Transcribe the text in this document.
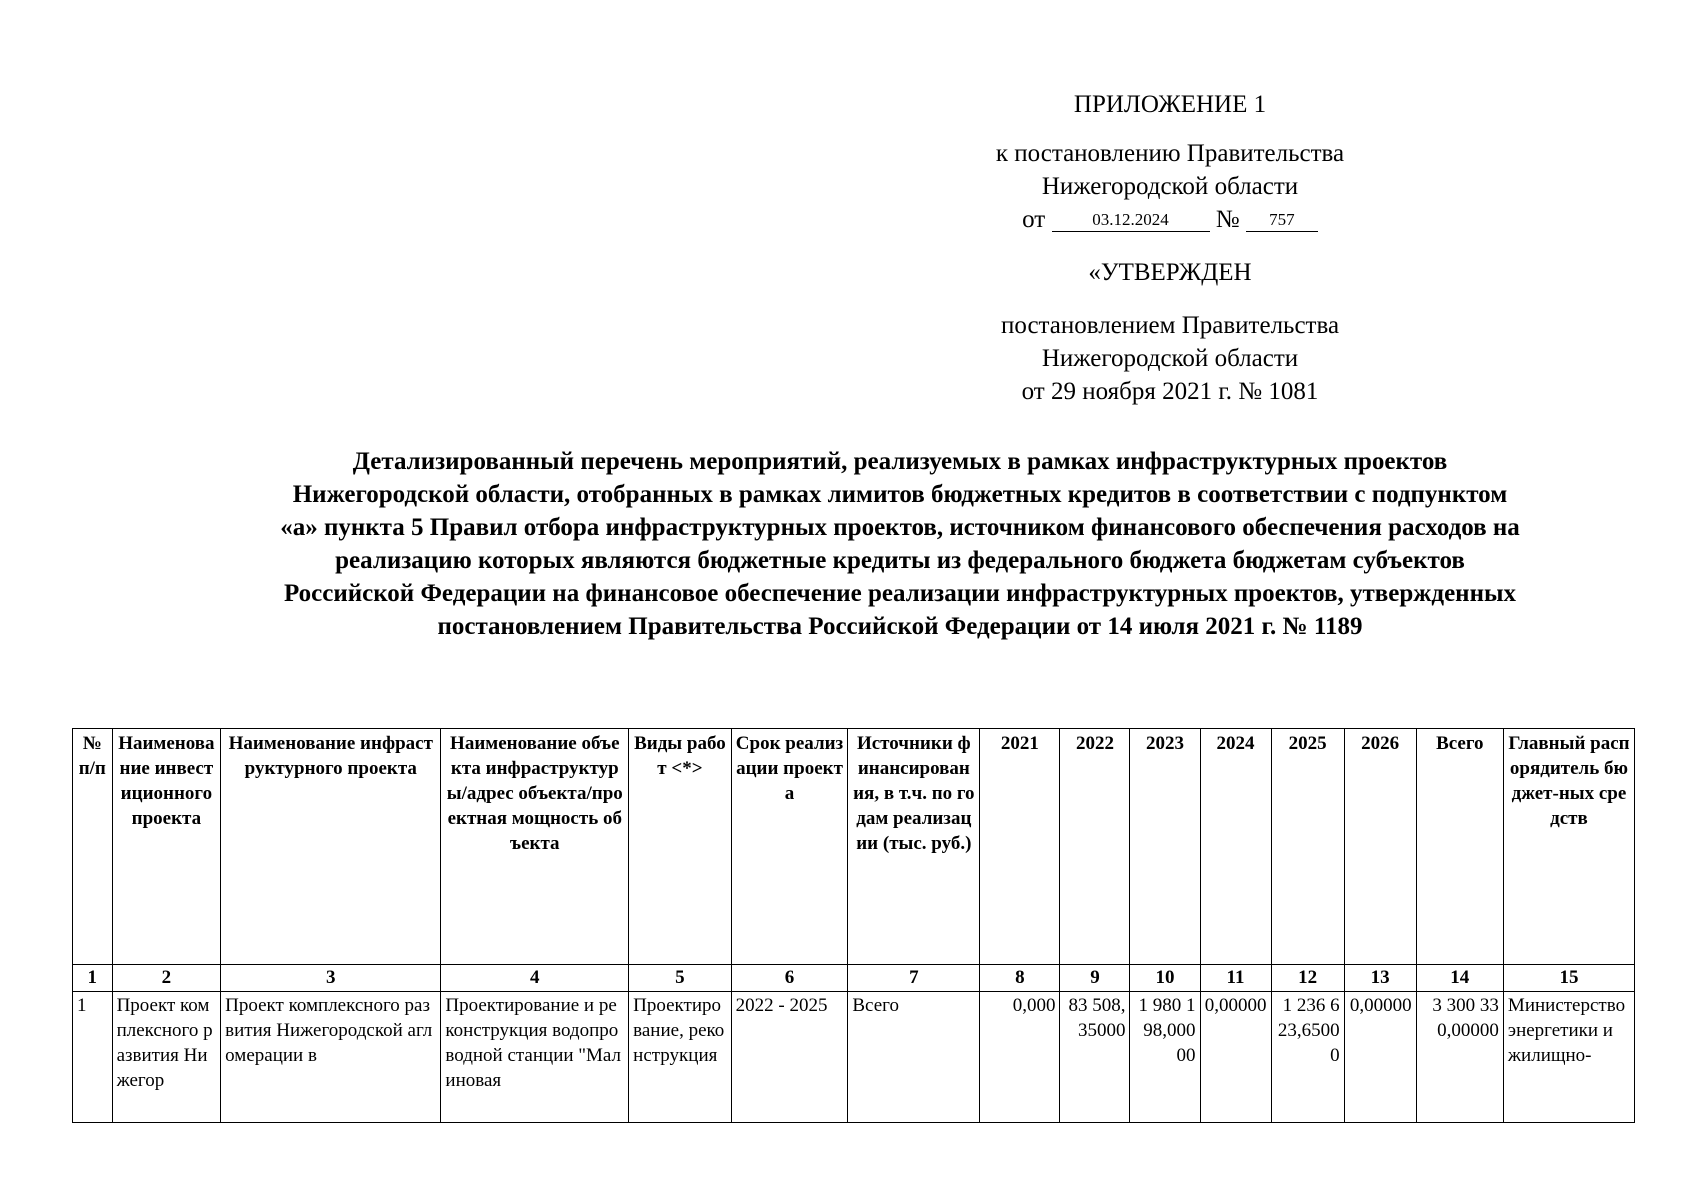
ПРИЛОЖЕНИЕ 1
к постановлению Правительства
Нижегородской области
от	03.12.2024 № 757
«УТВЕРЖДЕН
постановлением Правительства
Нижегородской области
от 29 ноября 2021 г. № 1081
Детализированный перечень мероприятий, реализуемых в рамках инфраструктурных проектов
Нижегородской области, отобранных в рамках лимитов бюджетных кредитов в соответствии с подпунктом
«а» пункта 5 Правил отбора инфраструктурных проектов, источником финансового обеспечения расходов на
реализацию которых являются бюджетные кредиты из федерального бюджета бюджетам субъектов
Российской Федерации на финансовое обеспечение реализации инфраструктурных проектов, утвержденных
постановлением Правительства Российской Федерации от 14 июля 2021 г. № 1189
№ п/п	Наименование инвестиционного проекта	Наименование инфраструктурного проекта	Наименование объекта инфраструктуры/адрес объекта/проектная мощность объекта	Виды работ <*>	Срок реализации проекта	Источники финансирования, в т.ч. по годам реализации (тыс. руб.)	2021	2022	2023	2024	2025	2026	Всего	Главный распорядитель бюджет-ных средств
1	2	3	4	5	6	7	8	9	10	11	12	13	14	15
1	Проект комплексного развития Нижегор	Проект комплексного развития Нижегородской агломерации в	Проектирование и реконструкция водопроводной станции "Малиновая	Проектирование, реконструкция	2022 - 2025	Всего	0,000	83 508,35000	1 980 198,00000	0,00000	1 236 623,65000	0,00000	3 300 330,00000	Министерство энергетики и жилищно-
